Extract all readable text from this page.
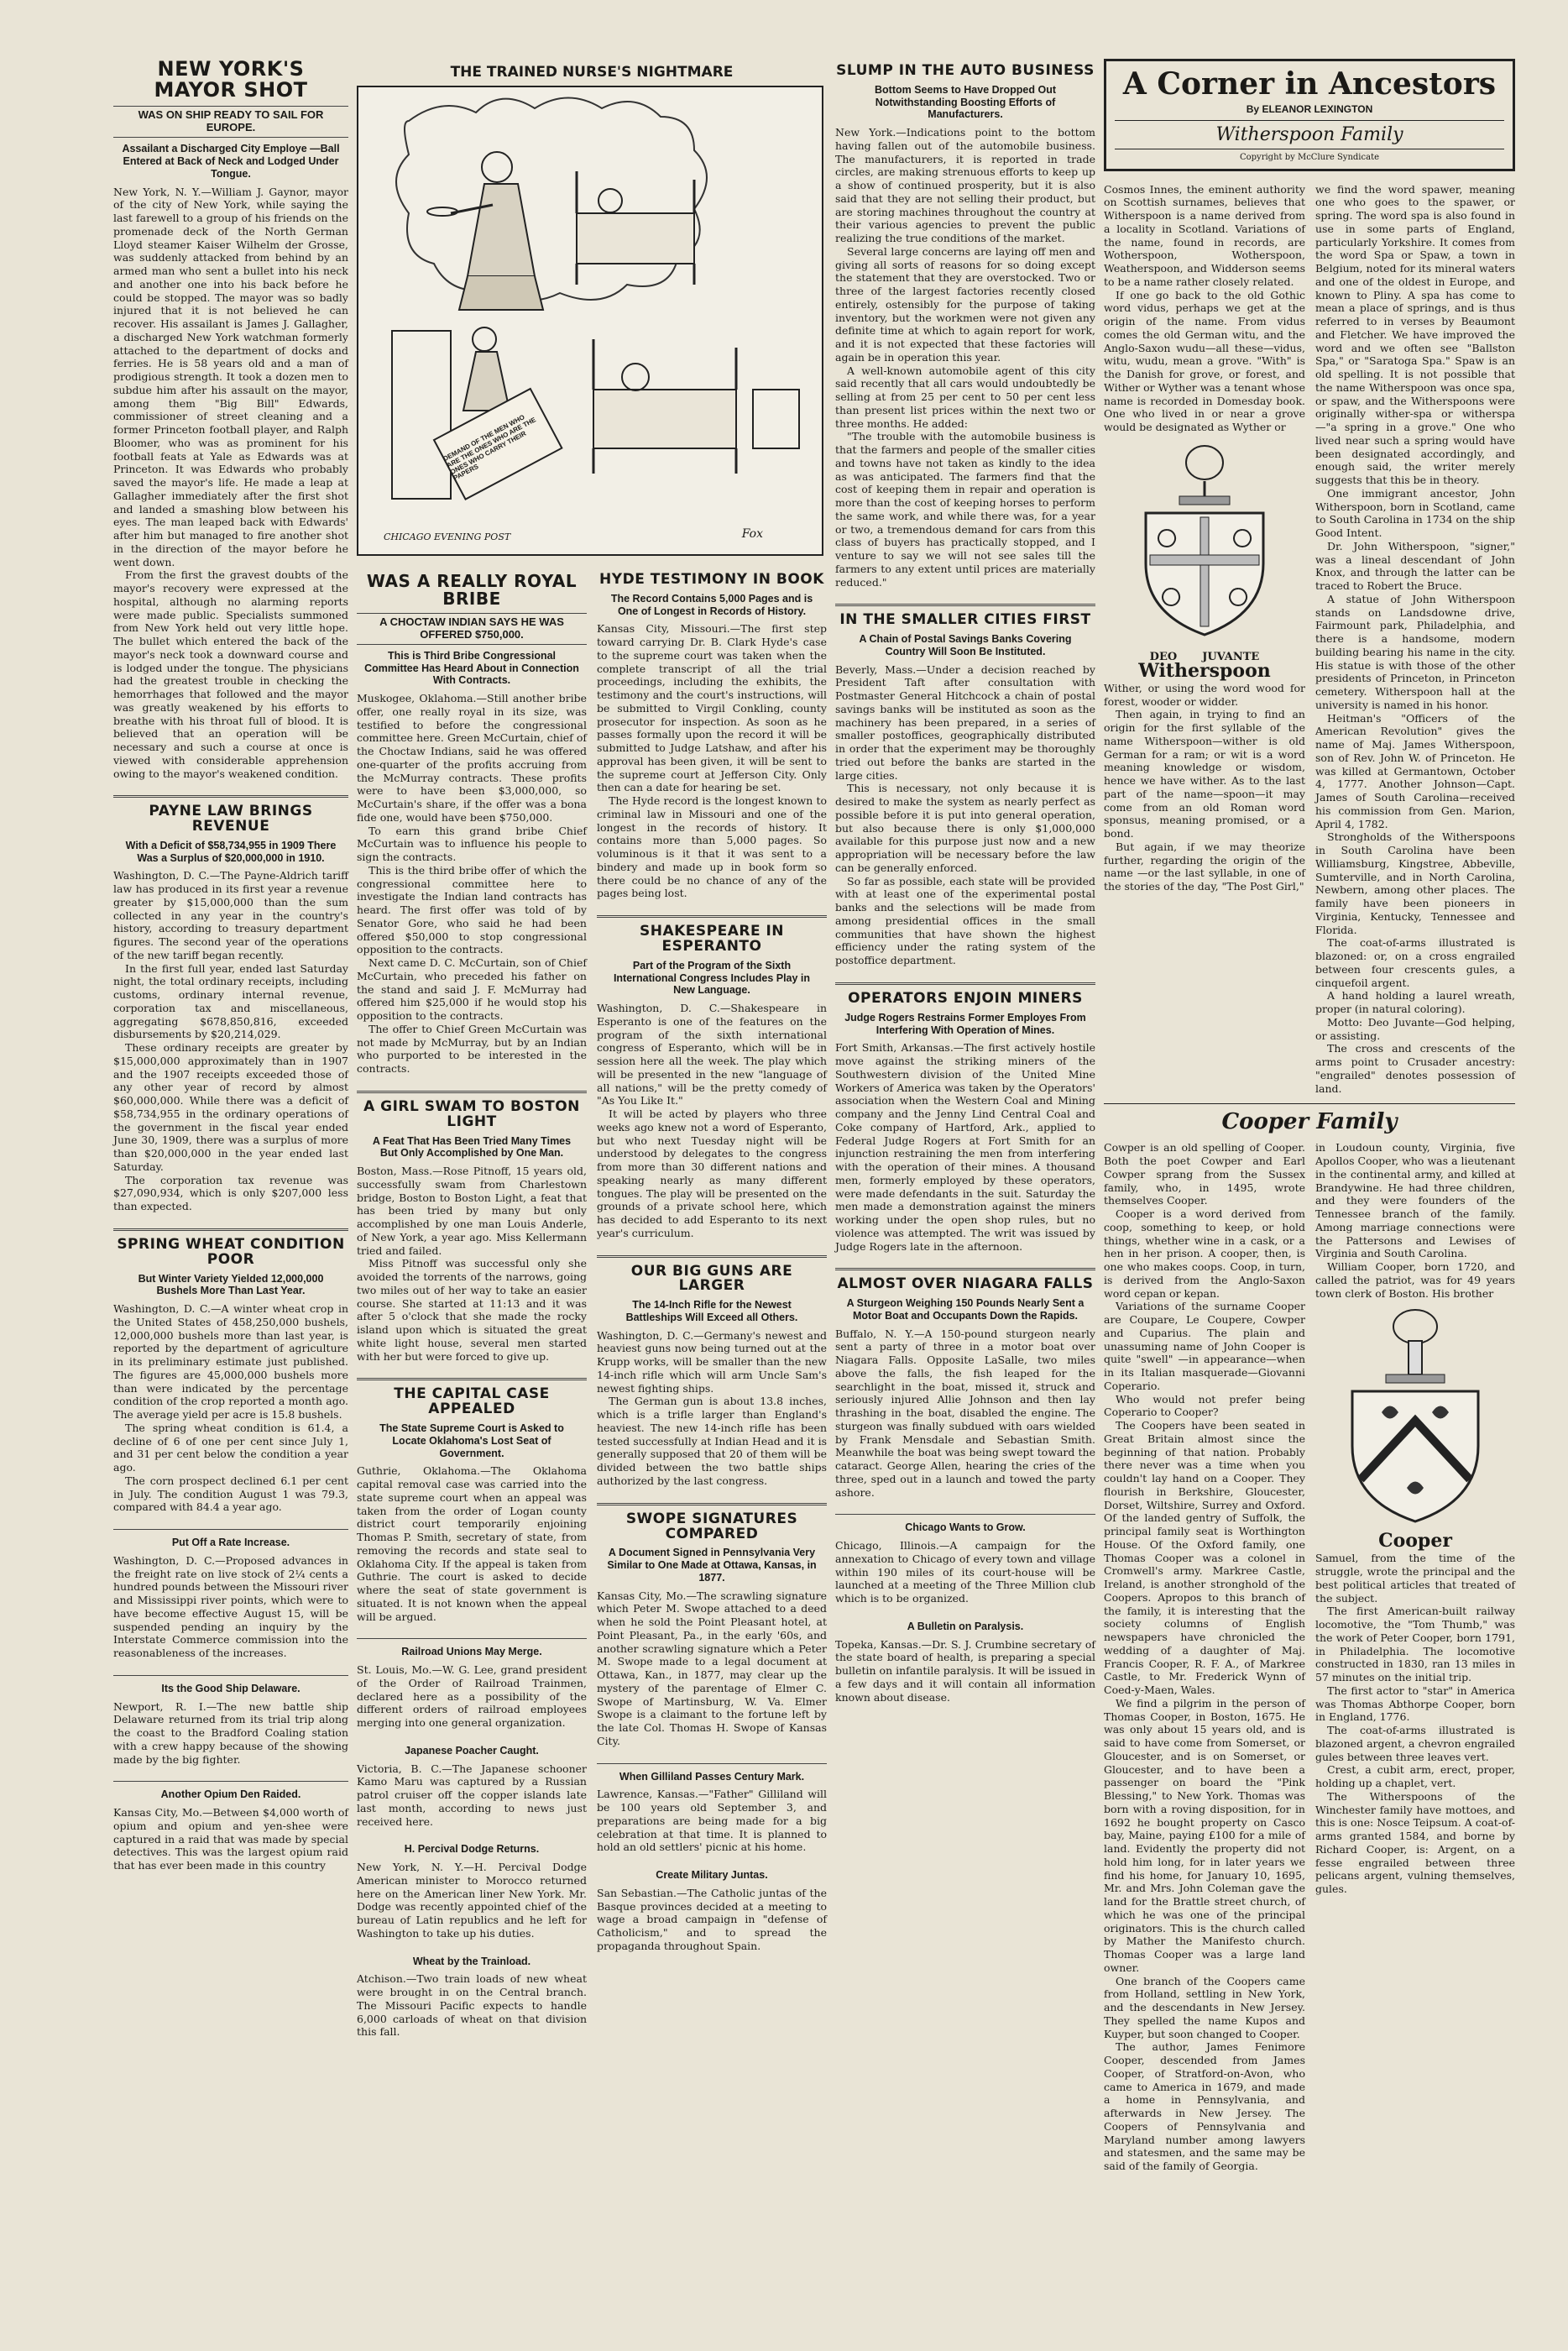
NEW YORK'S MAYOR SHOT
WAS ON SHIP READY TO SAIL FOR EUROPE.
Assailant a Discharged City Employe —Ball Entered at Back of Neck and Lodged Under Tongue.

New York, N. Y.—William J. Gaynor, mayor of the city of New York, while saying the last farewell to a group of his friends on the promenade deck of the North German Lloyd steamer Kaiser Wilhelm der Grosse, was suddenly attacked from behind by an armed man who sent a bullet into his neck and another one into his back before he could be stopped. The mayor was so badly injured that it is not believed he can recover. His assailant is James J. Gallagher, a discharged New York watchman formerly attached to the department of docks and ferries. He is 58 years old and a man of prodigious strength. It took a dozen men to subdue him after his assault on the mayor, among them "Big Bill" Edwards, commissioner of street cleaning and a former Princeton football player, and Ralph Bloomer, who was as prominent for his football feats at Yale as Edwards was at Princeton. It was Edwards who probably saved the mayor's life. He made a leap at Gallagher immediately after the first shot and landed a smashing blow between his eyes. The man leaped back with Edwards' after him but managed to fire another shot in the direction of the mayor before he went down.

From the first the gravest doubts of the mayor's recovery were expressed at the hospital, although no alarming reports were made public. Specialists summoned from New York held out very little hope. The bullet which entered the back of the mayor's neck took a downward course and is lodged under the tongue. The physicians had the greatest trouble in checking the hemorrhages that followed and the mayor was greatly weakened by his efforts to breathe with his throat full of blood. It is believed that an operation will be necessary and such a course at once is viewed with considerable apprehension owing to the mayor's weakened condition.

PAYNE LAW BRINGS REVENUE
With a Deficit of $58,734,955 in 1909 There Was a Surplus of $20,000,000 in 1910.

Washington, D. C.—The Payne-Aldrich tariff law has produced in its first year a revenue greater by $15,000,000 than the sum collected in any year in the country's history, according to treasury department figures. The second year of the operations of the new tariff began recently.

In the first full year, ended last Saturday night, the total ordinary receipts, including customs, ordinary internal revenue, corporation tax and miscellaneous, aggregating $678,850,816, exceeded disbursements by $20,214,029.

These ordinary receipts are greater by $15,000,000 approximately than in 1907 and the 1907 receipts exceeded those of any other year of record by almost $60,000,000. While there was a deficit of $58,734,955 in the ordinary operations of the government in the fiscal year ended June 30, 1909, there was a surplus of more than $20,000,000 in the year ended last Saturday.

The corporation tax revenue was $27,090,934, which is only $207,000 less than expected.

SPRING WHEAT CONDITION POOR
But Winter Variety Yielded 12,000,000 Bushels More Than Last Year.

Washington, D. C.—A winter wheat crop in the United States of 458,250,000 bushels, 12,000,000 bushels more than last year, is reported by the department of agriculture in its preliminary estimate just published. The figures are 45,000,000 bushels more than were indicated by the percentage condition of the crop reported a month ago. The average yield per acre is 15.8 bushels.

The spring wheat condition is 61.4, a decline of 6 of one per cent since July 1, and 31 per cent below the condition a year ago.

The corn prospect declined 6.1 per cent in July. The condition August 1 was 79.3, compared with 84.4 a year ago.

Put Off a Rate Increase.

Washington, D. C.—Proposed advances in the freight rate on live stock of 2¼ cents a hundred pounds between the Missouri river and Mississippi river points, which were to have become effective August 15, will be suspended pending an inquiry by the Interstate Commerce commission into the reasonableness of the increases.

Its the Good Ship Delaware.

Newport, R. I.—The new battle ship Delaware returned from its trial trip along the coast to the Bradford Coaling station with a crew happy because of the showing made by the big fighter.

Another Opium Den Raided.

Kansas City, Mo.—Between $4,000 worth of opium and opium and yen-shee were captured in a raid that was made by special detectives. This was the largest opium raid that has ever been made in this country

THE TRAINED NURSE'S NIGHTMARE
DEMAND OF THE MEN WHO ARE THE ONES WHO ARE THE ONES WHO CARRY THEIR PAPERS
CHICAGO EVENING POST	Fox
WAS A REALLY ROYAL BRIBE
A CHOCTAW INDIAN SAYS HE WAS OFFERED $750,000.
This is Third Bribe Congressional Committee Has Heard About in Connection With Contracts.

Muskogee, Oklahoma.—Still another bribe offer, one really royal in its size, was testified to before the congressional committee here. Green McCurtain, chief of the Choctaw Indians, said he was offered one-quarter of the profits accruing from the McMurray contracts. These profits were to have been $3,000,000, so McCurtain's share, if the offer was a bona fide one, would have been $750,000.

To earn this grand bribe Chief McCurtain was to influence his people to sign the contracts.

This is the third bribe offer of which the congressional committee here to investigate the Indian land contracts has heard. The first offer was told of by Senator Gore, who said he had been offered $50,000 to stop congressional opposition to the contracts.

Next came D. C. McCurtain, son of Chief McCurtain, who preceded his father on the stand and said J. F. McMurray had offered him $25,000 if he would stop his opposition to the contracts.

The offer to Chief Green McCurtain was not made by McMurray, but by an Indian who purported to be interested in the contracts.

A GIRL SWAM TO BOSTON LIGHT
A Feat That Has Been Tried Many Times But Only Accomplished by One Man.

Boston, Mass.—Rose Pitnoff, 15 years old, successfully swam from Charlestown bridge, Boston to Boston Light, a feat that has been tried by many but only accomplished by one man Louis Anderle, of New York, a year ago. Miss Kellermann tried and failed.

Miss Pitnoff was successful only she avoided the torrents of the narrows, going two miles out of her way to take an easier course. She started at 11:13 and it was after 5 o'clock that she made the rocky island upon which is situated the great white light house, several men started with her but were forced to give up.

THE CAPITAL CASE APPEALED
The State Supreme Court is Asked to Locate Oklahoma's Lost Seat of Government.

Guthrie, Oklahoma.—The Oklahoma capital removal case was carried into the state supreme court when an appeal was taken from the order of Logan county district court temporarily enjoining Thomas P. Smith, secretary of state, from removing the records and state seal to Oklahoma City. If the appeal is taken from Guthrie. The court is asked to decide where the seat of state government is situated. It is not known when the appeal will be argued.

Railroad Unions May Merge.

St. Louis, Mo.—W. G. Lee, grand president of the Order of Railroad Trainmen, declared here as a possibility of the different orders of railroad employees merging into one general organization.

Japanese Poacher Caught.

Victoria, B. C.—The Japanese schooner Kamo Maru was captured by a Russian patrol cruiser off the copper islands late last month, according to news just received here.

H. Percival Dodge Returns.

New York, N. Y.—H. Percival Dodge American minister to Morocco returned here on the American liner New York. Mr. Dodge was recently appointed chief of the bureau of Latin republics and he left for Washington to take up his duties.

Wheat by the Trainload.

Atchison.—Two train loads of new wheat were brought in on the Central branch. The Missouri Pacific expects to handle 6,000 carloads of wheat on that division this fall.

HYDE TESTIMONY IN BOOK
The Record Contains 5,000 Pages and is One of Longest in Records of History.

Kansas City, Missouri.—The first step toward carrying Dr. B. Clark Hyde's case to the supreme court was taken when the complete transcript of all the trial proceedings, including the exhibits, the testimony and the court's instructions, will be submitted to Virgil Conkling, county prosecutor for inspection. As soon as he passes formally upon the record it will be submitted to Judge Latshaw, and after his approval has been given, it will be sent to the supreme court at Jefferson City. Only then can a date for hearing be set.

The Hyde record is the longest known to criminal law in Missouri and one of the longest in the records of history. It contains more than 5,000 pages. So voluminous is it that it was sent to a bindery and made up in book form so there could be no chance of any of the pages being lost.

SHAKESPEARE IN ESPERANTO
Part of the Program of the Sixth International Congress Includes Play in New Language.

Washington, D. C.—Shakespeare in Esperanto is one of the features on the program of the sixth international congress of Esperanto, which will be in session here all the week. The play which will be presented in the new "language of all nations," will be the pretty comedy of "As You Like It."

It will be acted by players who three weeks ago knew not a word of Esperanto, but who next Tuesday night will be understood by delegates to the congress from more than 30 different nations and speaking nearly as many different tongues. The play will be presented on the grounds of a private school here, which has decided to add Esperanto to its next year's curriculum.

OUR BIG GUNS ARE LARGER
The 14-Inch Rifle for the Newest Battleships Will Exceed all Others.

Washington, D. C.—Germany's newest and heaviest guns now being turned out at the Krupp works, will be smaller than the new 14-inch rifle which will arm Uncle Sam's newest fighting ships.

The German gun is about 13.8 inches, which is a trifle larger than England's heaviest. The new 14-inch rifle has been tested successfully at Indian Head and it is generally supposed that 20 of them will be divided between the two battle ships authorized by the last congress.

SWOPE SIGNATURES COMPARED
A Document Signed in Pennsylvania Very Similar to One Made at Ottawa, Kansas, in 1877.

Kansas City, Mo.—The scrawling signature which Peter M. Swope attached to a deed when he sold the Point Pleasant hotel, at Point Pleasant, Pa., in the early '60s, and another scrawling signature which a Peter M. Swope made to a legal document at Ottawa, Kan., in 1877, may clear up the mystery of the parentage of Elmer C. Swope of Martinsburg, W. Va. Elmer Swope is a claimant to the fortune left by the late Col. Thomas H. Swope of Kansas City.

When Gilliland Passes Century Mark.

Lawrence, Kansas.—"Father" Gilliland will be 100 years old September 3, and preparations are being made for a big celebration at that time. It is planned to hold an old settlers' picnic at his home.

Create Military Juntas.

San Sebastian.—The Catholic juntas of the Basque provinces decided at a meeting to wage a broad campaign in "defense of Catholicism," and to spread the propaganda throughout Spain.

SLUMP IN THE AUTO BUSINESS
Bottom Seems to Have Dropped Out Notwithstanding Boosting Efforts of Manufacturers.

New York.—Indications point to the bottom having fallen out of the automobile business. The manufacturers, it is reported in trade circles, are making strenuous efforts to keep up a show of continued prosperity, but it is also said that they are not selling their product, but are storing machines throughout the country at their various agencies to prevent the public realizing the true conditions of the market.

Several large concerns are laying off men and giving all sorts of reasons for so doing except the statement that they are overstocked. Two or three of the largest factories recently closed entirely, ostensibly for the purpose of taking inventory, but the workmen were not given any definite time at which to again report for work, and it is not expected that these factories will again be in operation this year.

A well-known automobile agent of this city said recently that all cars would undoubtedly be selling at from 25 per cent to 50 per cent less than present list prices within the next two or three months. He added:

"The trouble with the automobile business is that the farmers and people of the smaller cities and towns have not taken as kindly to the idea as was anticipated. The farmers find that the cost of keeping them in repair and operation is more than the cost of keeping horses to perform the same work, and while there was, for a year or two, a tremendous demand for cars from this class of buyers has practically stopped, and I venture to say we will not see sales till the farmers to any extent until prices are materially reduced."

IN THE SMALLER CITIES FIRST
A Chain of Postal Savings Banks Covering Country Will Soon Be Instituted.

Beverly, Mass.—Under a decision reached by President Taft after consultation with Postmaster General Hitchcock a chain of postal savings banks will be instituted as soon as the machinery has been prepared, in a series of smaller postoffices, geographically distributed in order that the experiment may be thoroughly tried out before the banks are started in the large cities.

This is necessary, not only because it is desired to make the system as nearly perfect as possible before it is put into general operation, but also because there is only $1,000,000 available for this purpose just now and a new appropriation will be necessary before the law can be generally enforced.

So far as possible, each state will be provided with at least one of the experimental postal banks and the selections will be made from among presidential offices in the small communities that have shown the highest efficiency under the rating system of the postoffice department.

OPERATORS ENJOIN MINERS
Judge Rogers Restrains Former Employes From Interfering With Operation of Mines.

Fort Smith, Arkansas.—The first actively hostile move against the striking miners of the Southwestern division of the United Mine Workers of America was taken by the Operators' association when the Western Coal and Mining company and the Jenny Lind Central Coal and Coke company of Hartford, Ark., applied to Federal Judge Rogers at Fort Smith for an injunction restraining the men from interfering with the operation of their mines. A thousand men, formerly employed by these operators, were made defendants in the suit. Saturday the men made a demonstration against the miners working under the open shop rules, but no violence was attempted. The writ was issued by Judge Rogers late in the afternoon.

ALMOST OVER NIAGARA FALLS
A Sturgeon Weighing 150 Pounds Nearly Sent a Motor Boat and Occupants Down the Rapids.

Buffalo, N. Y.—A 150-pound sturgeon nearly sent a party of three in a motor boat over Niagara Falls. Opposite LaSalle, two miles above the falls, the fish leaped for the searchlight in the boat, missed it, struck and seriously injured Allie Johnson and then lay thrashing in the boat, disabled the engine. The sturgeon was finally subdued with oars wielded by Frank Mensdale and Sebastian Smith. Meanwhile the boat was being swept toward the cataract. George Allen, hearing the cries of the three, sped out in a launch and towed the party ashore.

Chicago Wants to Grow.

Chicago, Illinois.—A campaign for the annexation to Chicago of every town and village within 190 miles of its court-house will be launched at a meeting of the Three Million club which is to be organized.

A Bulletin on Paralysis.

Topeka, Kansas.—Dr. S. J. Crumbine secretary of the state board of health, is preparing a special bulletin on infantile paralysis. It will be issued in a few days and it will contain all information known about disease.

A Corner in Ancestors
By ELEANOR LEXINGTON
Witherspoon Family
Copyright by McClure Syndicate

Cosmos Innes, the eminent authority on Scottish surnames, believes that Witherspoon is a name derived from a locality in Scotland. Variations of the name, found in records, are Wotherspoon, Wotherspoon, Weatherspoon, and Widderson seems to be a name rather closely related.

If one go back to the old Gothic word vidus, perhaps we get at the origin of the name. From vidus comes the old German witu, and the Anglo-Saxon wudu—all these—vidus, witu, wudu, mean a grove. "With" is the Danish for grove, or forest, and Wither or Wyther was a tenant whose name is recorded in Domesday book. One who lived in or near a grove would be designated as Wyther or

DEO JUVANTE
Witherspoon

Wither, or using the word wood for forest, wooder or widder.

Then again, in trying to find an origin for the first syllable of the name Witherspoon—wither is old German for a ram; or wit is a word meaning knowledge or wisdom, hence we have wither. As to the last part of the name—spoon—it may come from an old Roman word sponsus, meaning promised, or a bond.

But again, if we may theorize further, regarding the origin of the name —or the last syllable, in one of the stories of the day, "The Post Girl,"

we find the word spawer, meaning one who goes to the spawer, or spring. The word spa is also found in use in some parts of England, particularly Yorkshire. It comes from the word Spa or Spaw, a town in Belgium, noted for its mineral waters and one of the oldest in Europe, and known to Pliny. A spa has come to mean a place of springs, and is thus referred to in verses by Beaumont and Fletcher. We have improved the word and we often see "Ballston Spa," or "Saratoga Spa." Spaw is an old spelling. It is not possible that the name Witherspoon was once spa, or spaw, and the Witherspoons were originally wither-spa or witherspa—"a spring in a grove." One who lived near such a spring would have been designated accordingly, and enough said, the writer merely suggests that this be in theory.

One immigrant ancestor, John Witherspoon, born in Scotland, came to South Carolina in 1734 on the ship Good Intent.

Dr. John Witherspoon, "signer," was a lineal descendant of John Knox, and through the latter can be traced to Robert the Bruce.

A statue of John Witherspoon stands on Landsdowne drive, Fairmount park, Philadelphia, and there is a handsome, modern building bearing his name in the city. His statue is with those of the other presidents of Princeton, in Princeton cemetery. Witherspoon hall at the university is named in his honor.

Heitman's "Officers of the American Revolution" gives the name of Maj. James Witherspoon, son of Rev. John W. of Princeton. He was killed at Germantown, October 4, 1777. Another Johnson—Capt. James of South Carolina—received his commission from Gen. Marion, April 4, 1782.

Strongholds of the Witherspoons in South Carolina have been Williamsburg, Kingstree, Abbeville, Sumterville, and in North Carolina, Newbern, among other places. The family have been pioneers in Virginia, Kentucky, Tennessee and Florida.

The coat-of-arms illustrated is blazoned: or, on a cross engrailed between four crescents gules, a cinquefoil argent.

A hand holding a laurel wreath, proper (in natural coloring).

Motto: Deo Juvante—God helping, or assisting.

The cross and crescents of the arms point to Crusader ancestry: "engrailed" denotes possession of land.

Cooper Family

Cowper is an old spelling of Cooper. Both the poet Cowper and Earl Cowper sprang from the Sussex family, who, in 1495, wrote themselves Cooper.

Cooper is a word derived from coop, something to keep, or hold things, whether wine in a cask, or a hen in her prison. A cooper, then, is one who makes coops. Coop, in turn, is derived from the Anglo-Saxon word cepan or kepan.

Variations of the surname Cooper are Coupare, Le Coupere, Cowper and Cuparius. The plain and unassuming name of John Cooper is quite "swell" —in appearance—when in its Italian masquerade—Giovanni Coperario.

Who would not prefer being Coperario to Cooper?

The Coopers have been seated in Great Britain almost since the beginning of that nation. Probably there never was a time when you couldn't lay hand on a Cooper. They flourish in Berkshire, Gloucester, Dorset, Wiltshire, Surrey and Oxford. Of the landed gentry of Suffolk, the principal family seat is Worthington House. Of the Oxford family, one Thomas Cooper was a colonel in Cromwell's army. Markree Castle, Ireland, is another stronghold of the Coopers. Apropos to this branch of the family, it is interesting that the society columns of English newspapers have chronicled the wedding of a daughter of Maj. Francis Cooper, R. F. A., of Markree Castle, to Mr. Frederick Wynn of Coed-y-Maen, Wales.

We find a pilgrim in the person of Thomas Cooper, in Boston, 1675. He was only about 15 years old, and is said to have come from Somerset, or Gloucester, and is on Somerset, or Gloucester, and to have been a passenger on board the "Pink Blessing," to New York. Thomas was born with a roving disposition, for in 1692 he bought property on Casco bay, Maine, paying £100 for a mile of land. Evidently the property did not hold him long, for in later years we find his home, for January 10, 1695, Mr. and Mrs. John Coleman gave the land for the Brattle street church, of which he was one of the principal originators. This is the church called by Mather the Manifesto church. Thomas Cooper was a large land owner.

One branch of the Coopers came from Holland, settling in New York, and the descendants in New Jersey. They spelled the name Kupos and Kuyper, but soon changed to Cooper.

The author, James Fenimore Cooper, descended from James Cooper, of Stratford-on-Avon, who came to America in 1679, and made a home in Pennsylvania, and afterwards in New Jersey. The Coopers of Pennsylvania and Maryland number among lawyers and statesmen, and the same may be said of the family of Georgia.

in Loudoun county, Virginia, five Apollos Cooper, who was a lieutenant in the continental army, and killed at Brandywine. He had three children, and they were founders of the Tennessee branch of the family. Among marriage connections were the Pattersons and Lewises of Virginia and South Carolina.

William Cooper, born 1720, and called the patriot, was for 49 years town clerk of Boston. His brother

Cooper

Samuel, from the time of the struggle, wrote the principal and the best political articles that treated of the subject.

The first American-built railway locomotive, the "Tom Thumb," was the work of Peter Cooper, born 1791, in Philadelphia. The locomotive constructed in 1830, ran 13 miles in 57 minutes on the initial trip.

The first actor to "star" in America was Thomas Abthorpe Cooper, born in England, 1776.

The coat-of-arms illustrated is blazoned argent, a chevron engrailed gules between three leaves vert.

Crest, a cubit arm, erect, proper, holding up a chaplet, vert.

The Witherspoons of the Winchester family have mottoes, and this is one: Nosce Teipsum. A coat-of-arms granted 1584, and borne by Richard Cooper, is: Argent, on a fesse engrailed between three pelicans argent, vulning themselves, gules.
